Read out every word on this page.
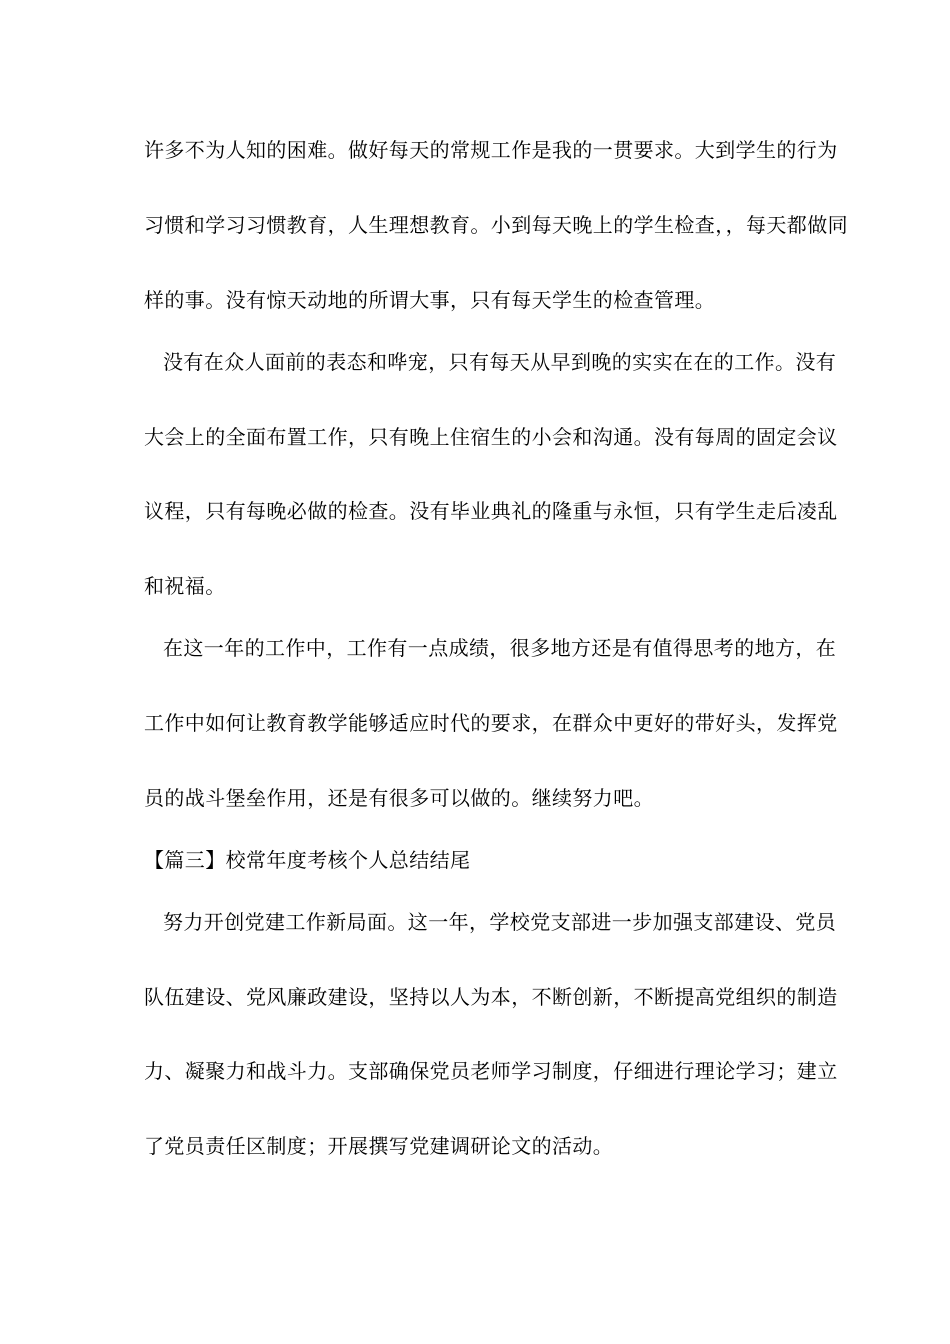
许多不为人知的困难。做好每天的常规工作是我的一贯要求。大到学生的行为
习惯和学习习惯教育，人生理想教育。小到每天晚上的学生检查，，每天都做同
样的事。没有惊天动地的所谓大事，只有每天学生的检查管理。
没有在众人面前的表态和哗宠，只有每天从早到晚的实实在在的工作。没有
大会上的全面布置工作，只有晚上住宿生的小会和沟通。没有每周的固定会议
议程，只有每晚必做的检查。没有毕业典礼的隆重与永恒，只有学生走后凌乱
和祝福。
在这一年的工作中，工作有一点成绩，很多地方还是有值得思考的地方，在
工作中如何让教育教学能够适应时代的要求，在群众中更好的带好头，发挥党
员的战斗堡垒作用，还是有很多可以做的。继续努力吧。
【篇三】校常年度考核个人总结结尾
努力开创党建工作新局面。这一年，学校党支部进一步加强支部建设、党员
队伍建设、党风廉政建设，坚持以人为本，不断创新，不断提高党组织的制造
力、凝聚力和战斗力。支部确保党员老师学习制度，仔细进行理论学习；建立
了党员责任区制度；开展撰写党建调研论文的活动。
